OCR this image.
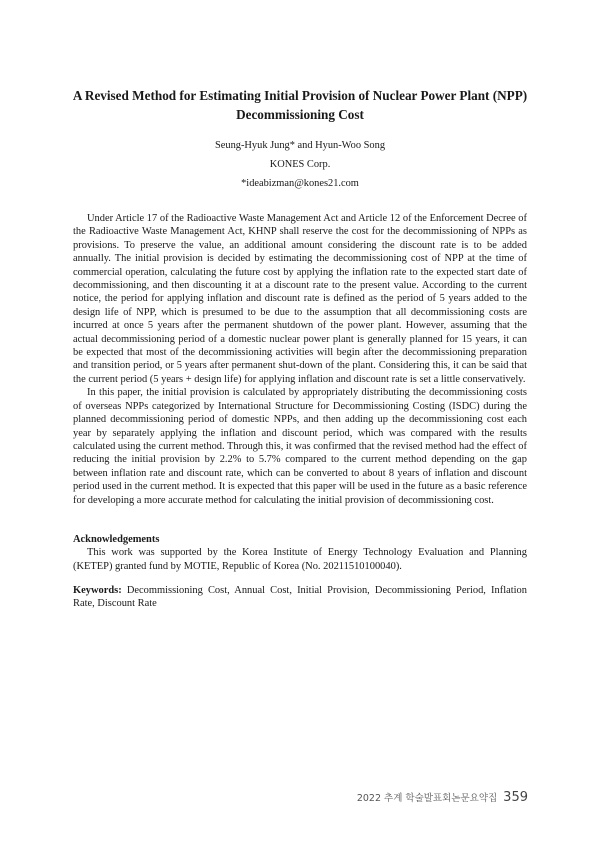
A Revised Method for Estimating Initial Provision of Nuclear Power Plant (NPP) Decommissioning Cost
Seung-Hyuk Jung* and Hyun-Woo Song
KONES Corp.
*ideabizman@kones21.com

Under Article 17 of the Radioactive Waste Management Act and Article 12 of the Enforcement Decree of the Radioactive Waste Management Act, KHNP shall reserve the cost for the decommissioning of NPPs as provisions. To preserve the value, an additional amount considering the discount rate is to be added annually. The initial provision is decided by estimating the decommissioning cost of NPP at the time of commercial operation, calculating the future cost by applying the inflation rate to the expected start date of decommissioning, and then discounting it at a discount rate to the present value. According to the current notice, the period for applying inflation and discount rate is defined as the period of 5 years added to the design life of NPP, which is presumed to be due to the assumption that all decommissioning costs are incurred at once 5 years after the permanent shutdown of the power plant. However, assuming that the actual decommissioning period of a domestic nuclear power plant is generally planned for 15 years, it can be expected that most of the decommissioning activities will begin after the decommissioning preparation and transition period, or 5 years after permanent shut-down of the plant. Considering this, it can be said that the current period (5 years + design life) for applying inflation and discount rate is set a little conservatively.

In this paper, the initial provision is calculated by appropriately distributing the decommissioning costs of overseas NPPs categorized by International Structure for Decommissioning Costing (ISDC) during the planned decommissioning period of domestic NPPs, and then adding up the decommissioning cost each year by separately applying the inflation and discount period, which was compared with the results calculated using the current method. Through this, it was confirmed that the revised method had the effect of reducing the initial provision by 2.2% to 5.7% compared to the current method depending on the gap between inflation rate and discount rate, which can be converted to about 8 years of inflation and discount period used in the current method. It is expected that this paper will be used in the future as a basic reference for developing a more accurate method for calculating the initial provision of decommissioning cost.

Acknowledgements

This work was supported by the Korea Institute of Energy Technology Evaluation and Planning (KETEP) granted fund by MOTIE, Republic of Korea (No. 20211510100040).

Keywords: Decommissioning Cost, Annual Cost, Initial Provision, Decommissioning Period, Inflation Rate, Discount Rate
2022 추계 학술발표회논문요약집 359
